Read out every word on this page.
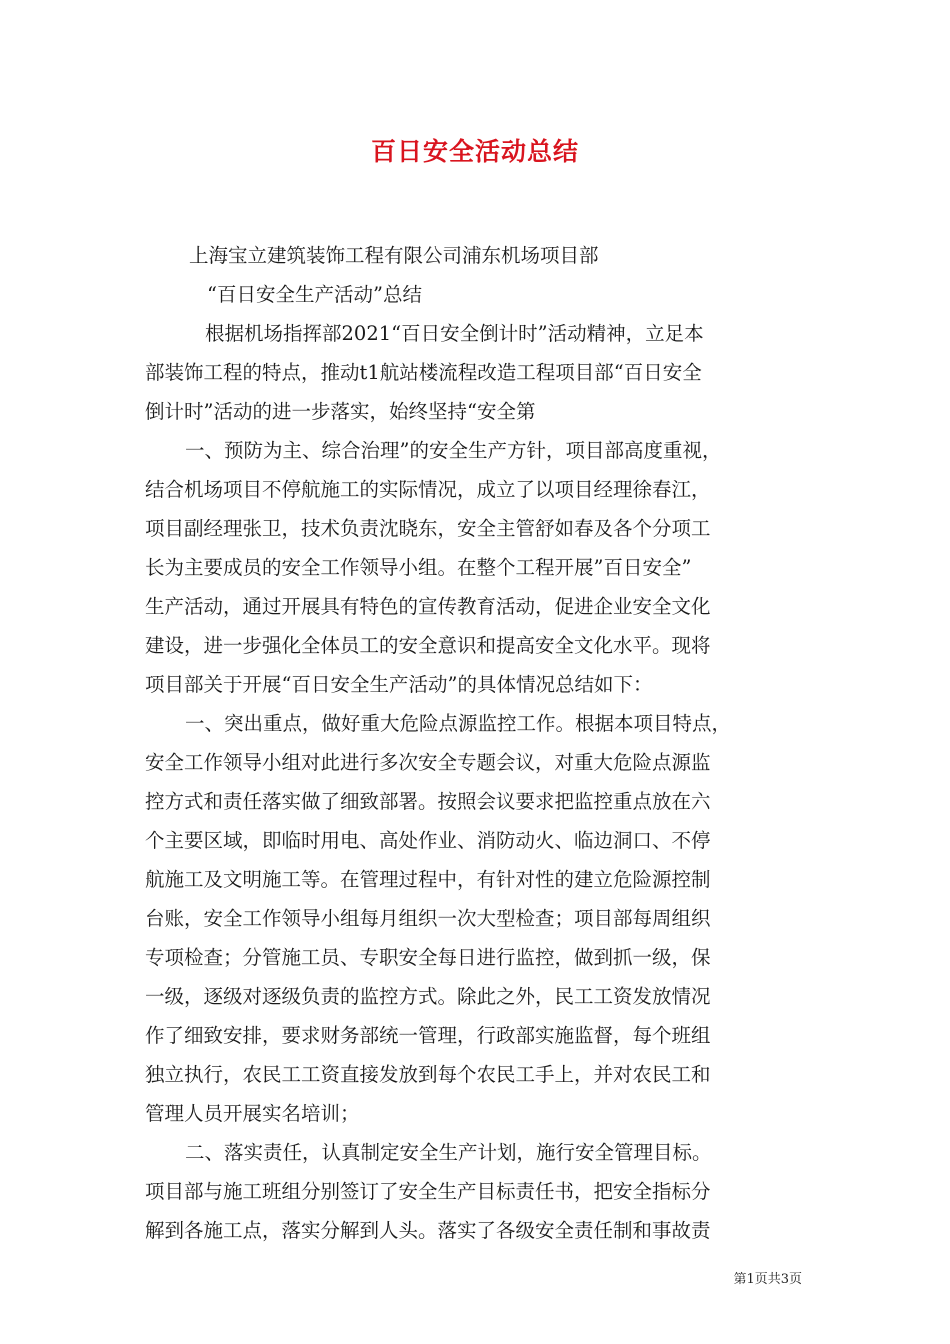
百日安全活动总结
上海宝立建筑装饰工程有限公司浦东机场项目部
“百日安全生产活动”总结
根据机场指挥部2021“百日安全倒计时”活动精神，立足本
部装饰工程的特点，推动t1航站楼流程改造工程项目部“百日安全
倒计时”活动的进一步落实，始终坚持“安全第
一、预防为主、综合治理”的安全生产方针，项目部高度重视，
结合机场项目不停航施工的实际情况，成立了以项目经理徐春江，
项目副经理张卫，技术负责沈晓东，安全主管舒如春及各个分项工
长为主要成员的安全工作领导小组。在整个工程开展”百日安全”
生产活动，通过开展具有特色的宣传教育活动，促进企业安全文化
建设，进一步强化全体员工的安全意识和提高安全文化水平。现将
项目部关于开展“百日安全生产活动”的具体情况总结如下：
一、突出重点，做好重大危险点源监控工作。根据本项目特点，
安全工作领导小组对此进行多次安全专题会议，对重大危险点源监
控方式和责任落实做了细致部署。按照会议要求把监控重点放在六
个主要区域，即临时用电、高处作业、消防动火、临边洞口、不停
航施工及文明施工等。在管理过程中，有针对性的建立危险源控制
台账，安全工作领导小组每月组织一次大型检查；项目部每周组织
专项检查；分管施工员、专职安全每日进行监控，做到抓一级，保
一级，逐级对逐级负责的监控方式。除此之外，民工工资发放情况
作了细致安排，要求财务部统一管理，行政部实施监督，每个班组
独立执行，农民工工资直接发放到每个农民工手上，并对农民工和
管理人员开展实名培训；
二、落实责任，认真制定安全生产计划，施行安全管理目标。
项目部与施工班组分别签订了安全生产目标责任书，把安全指标分
解到各施工点，落实分解到人头。落实了各级安全责任制和事故责
第1页共3页
